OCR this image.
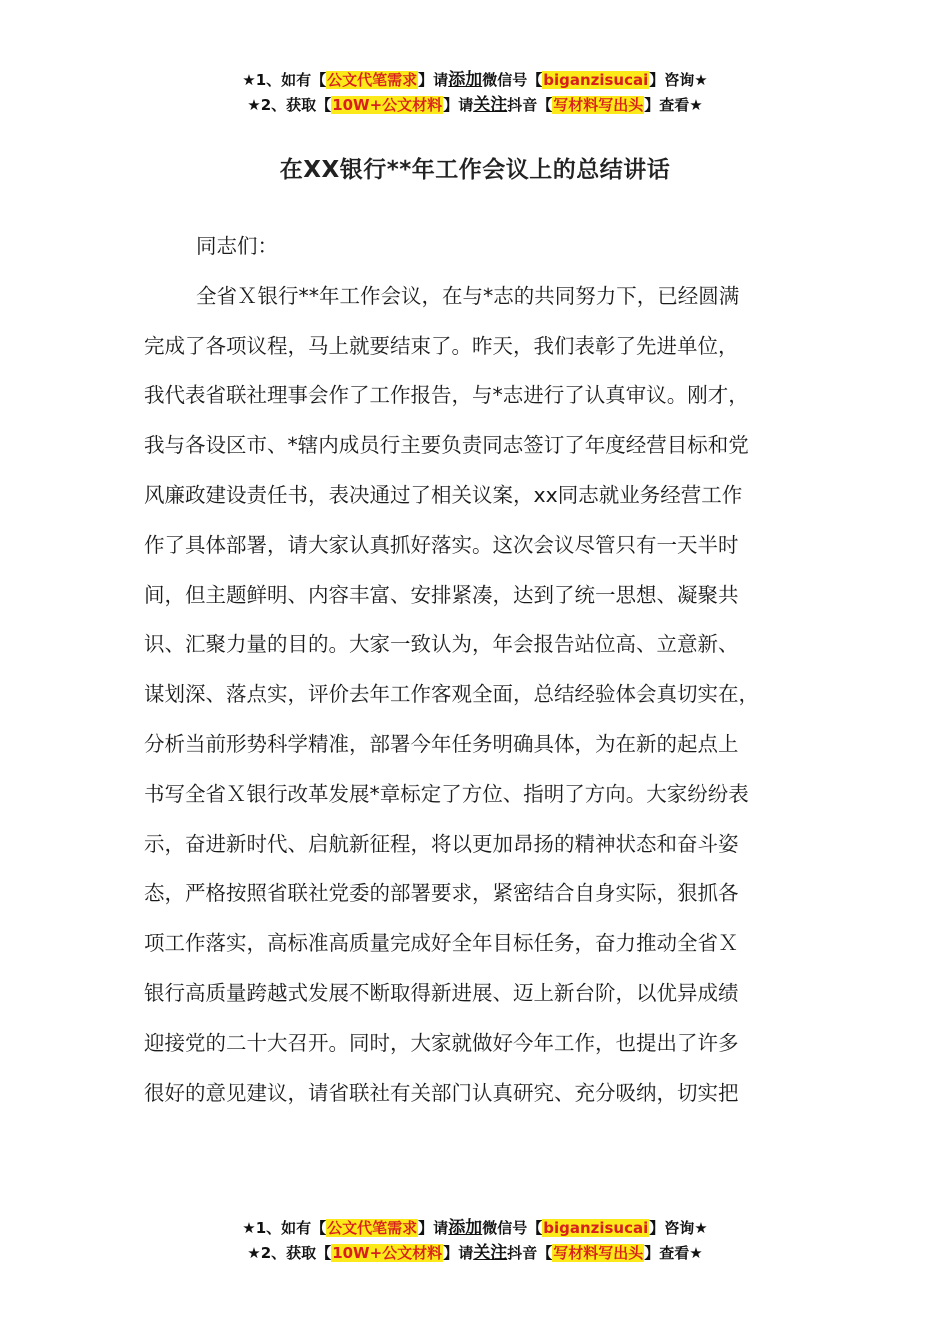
★1、如有【公文代笔需求】请添加微信号【biganzisucai】咨询★
★2、获取【10W+公文材料】请关注抖音【写材料写出头】查看★
在XX银行**年工作会议上的总结讲话

同志们：

全省Ｘ银行**年工作会议，在与*志的共同努力下，已经圆满
完成了各项议程，马上就要结束了。昨天，我们表彰了先进单位，
我代表省联社理事会作了工作报告，与*志进行了认真审议。刚才，
我与各设区市、*辖内成员行主要负责同志签订了年度经营目标和党
风廉政建设责任书，表决通过了相关议案，xx同志就业务经营工作
作了具体部署，请大家认真抓好落实。这次会议尽管只有一天半时
间，但主题鲜明、内容丰富、安排紧凑，达到了统一思想、凝聚共
识、汇聚力量的目的。大家一致认为，年会报告站位高、立意新、
谋划深、落点实，评价去年工作客观全面，总结经验体会真切实在，
分析当前形势科学精准，部署今年任务明确具体，为在新的起点上
书写全省Ｘ银行改革发展*章标定了方位、指明了方向。大家纷纷表
示，奋进新时代、启航新征程，将以更加昂扬的精神状态和奋斗姿
态，严格按照省联社党委的部署要求，紧密结合自身实际，狠抓各
项工作落实，高标准高质量完成好全年目标任务，奋力推动全省Ｘ
银行高质量跨越式发展不断取得新进展、迈上新台阶，以优异成绩
迎接党的二十大召开。同时，大家就做好今年工作，也提出了许多
很好的意见建议，请省联社有关部门认真研究、充分吸纳，切实把

★1、如有【公文代笔需求】请添加微信号【biganzisucai】咨询★
★2、获取【10W+公文材料】请关注抖音【写材料写出头】查看★
